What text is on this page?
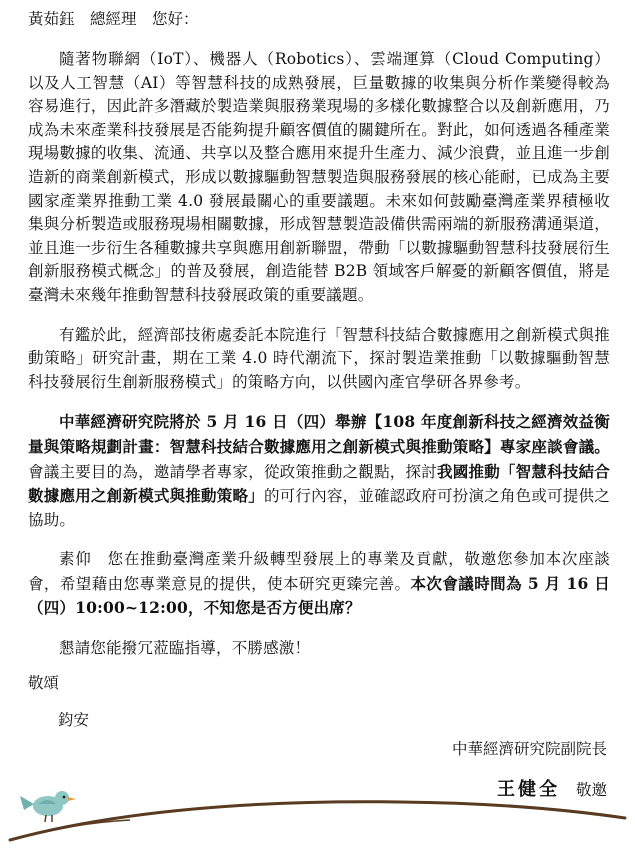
黃茹鈺　總經理　您好：

隨著物聯網（IoT）、機器人（Robotics）、雲端運算（Cloud Computing）以及人工智慧（AI）等智慧科技的成熟發展，巨量數據的收集與分析作業變得較為容易進行，因此許多潛藏於製造業與服務業現場的多樣化數據整合以及創新應用，乃成為未來產業科技發展是否能夠提升顧客價值的關鍵所在。對此，如何透過各種產業現場數據的收集、流通、共享以及整合應用來提升生產力、減少浪費，並且進一步創造新的商業創新模式，形成以數據驅動智慧製造與服務發展的核心能耐，已成為主要國家產業界推動工業 4.0 發展最關心的重要議題。未來如何鼓勵臺灣產業界積極收集與分析製造或服務現場相關數據，形成智慧製造設備供需兩端的新服務溝通渠道，並且進一步衍生各種數據共享與應用創新聯盟，帶動「以數據驅動智慧科技發展衍生創新服務模式概念」的普及發展，創造能替 B2B 領域客戶解憂的新顧客價值，將是臺灣未來幾年推動智慧科技發展政策的重要議題。

有鑑於此，經濟部技術處委託本院進行「智慧科技結合數據應用之創新模式與推動策略」研究計畫，期在工業 4.0 時代潮流下，探討製造業推動「以數據驅動智慧科技發展衍生創新服務模式」的策略方向，以供國內產官學研各界參考。

中華經濟研究院將於 5 月 16 日（四）舉辦【108 年度創新科技之經濟效益衡量與策略規劃計畫：智慧科技結合數據應用之創新模式與推動策略】專家座談會議。會議主要目的為，邀請學者專家，從政策推動之觀點，探討我國推動「智慧科技結合數據應用之創新模式與推動策略」的可行內容，並確認政府可扮演之角色或可提供之協助。

素仰　您在推動臺灣產業升級轉型發展上的專業及貢獻，敬邀您參加本次座談會，希望藉由您專業意見的提供，使本研究更臻完善。本次會議時間為 5 月 16 日（四）10:00~12:00，不知您是否方便出席？

懇請您能撥冗蒞臨指導，不勝感激！

敬頌
鈞安
中華經濟研究院副院長
王健全 敬邀
